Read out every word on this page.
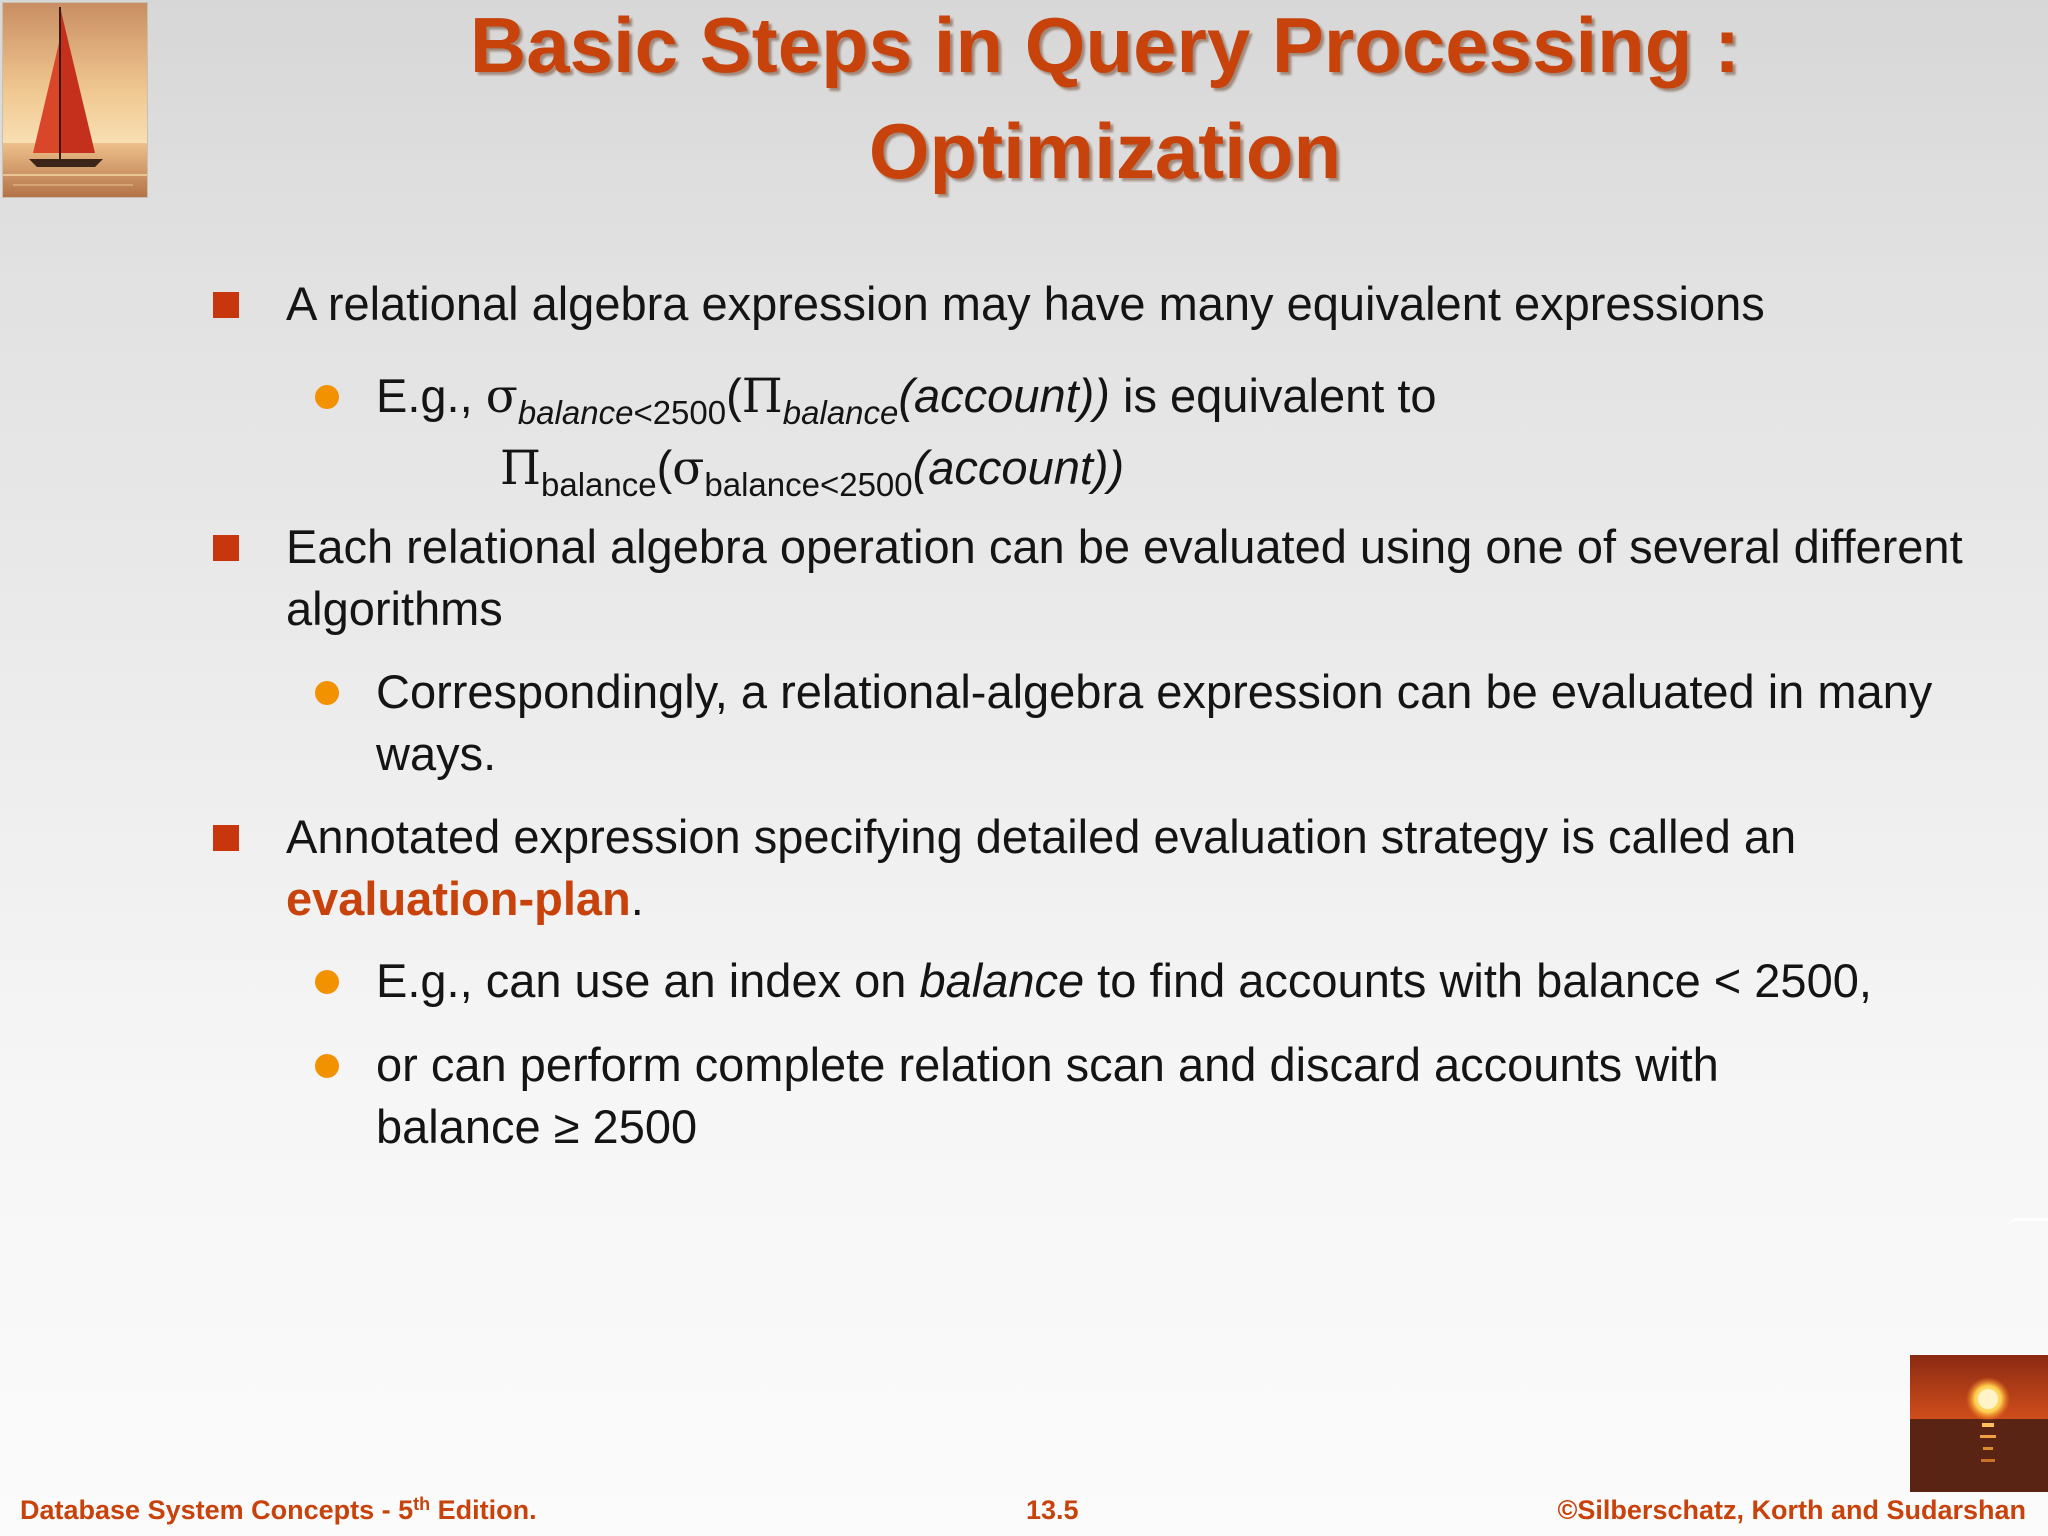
Basic Steps in Query Processing :
Optimization
A relational algebra expression may have many equivalent expressions
E.g., $\sigma_{balance<2500}(\Pi_{balance}(account))$ is equivalent to
$\Pi_{balance}(\sigma_{balance<2500}(account))$
Each relational algebra operation can be evaluated using one of several different algorithms
Correspondingly, a relational-algebra expression can be evaluated in many ways.
Annotated expression specifying detailed evaluation strategy is called an evaluation-plan.
E.g., can use an index on balance to find accounts with balance < 2500,
or can perform complete relation scan and discard accounts with balance ≥ 2500
Database System Concepts - 5th Edition.	13.5	©Silberschatz, Korth and Sudarshan
